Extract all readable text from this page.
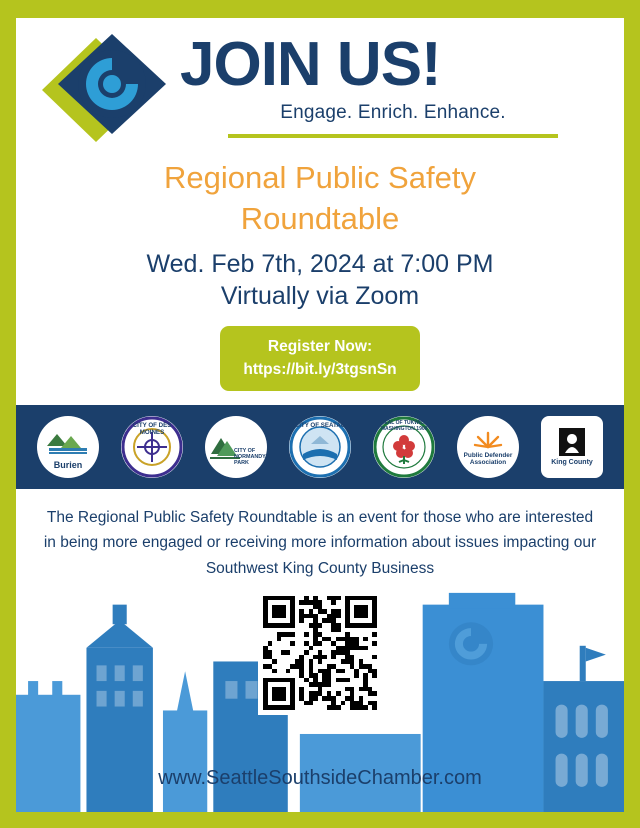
JOIN US!
Engage. Enrich. Enhance.
Regional Public Safety
Roundtable
Wed. Feb 7th, 2024 at 7:00 PM
Virtually via Zoom
Register Now:
https://bit.ly/3tgsnSn
Burien
CITY OF DES MOINES
CITY OF NORMANDY PARK
CITY OF SEATAC	SEAL OF TUKWILA WASHINGTON 1908
Public Defender Association	King County
The Regional Public Safety Roundtable is an event for those who are interested in being more engaged or receiving more information about issues impacting our Southwest King County Business
www.SeattleSouthsideChamber.com
